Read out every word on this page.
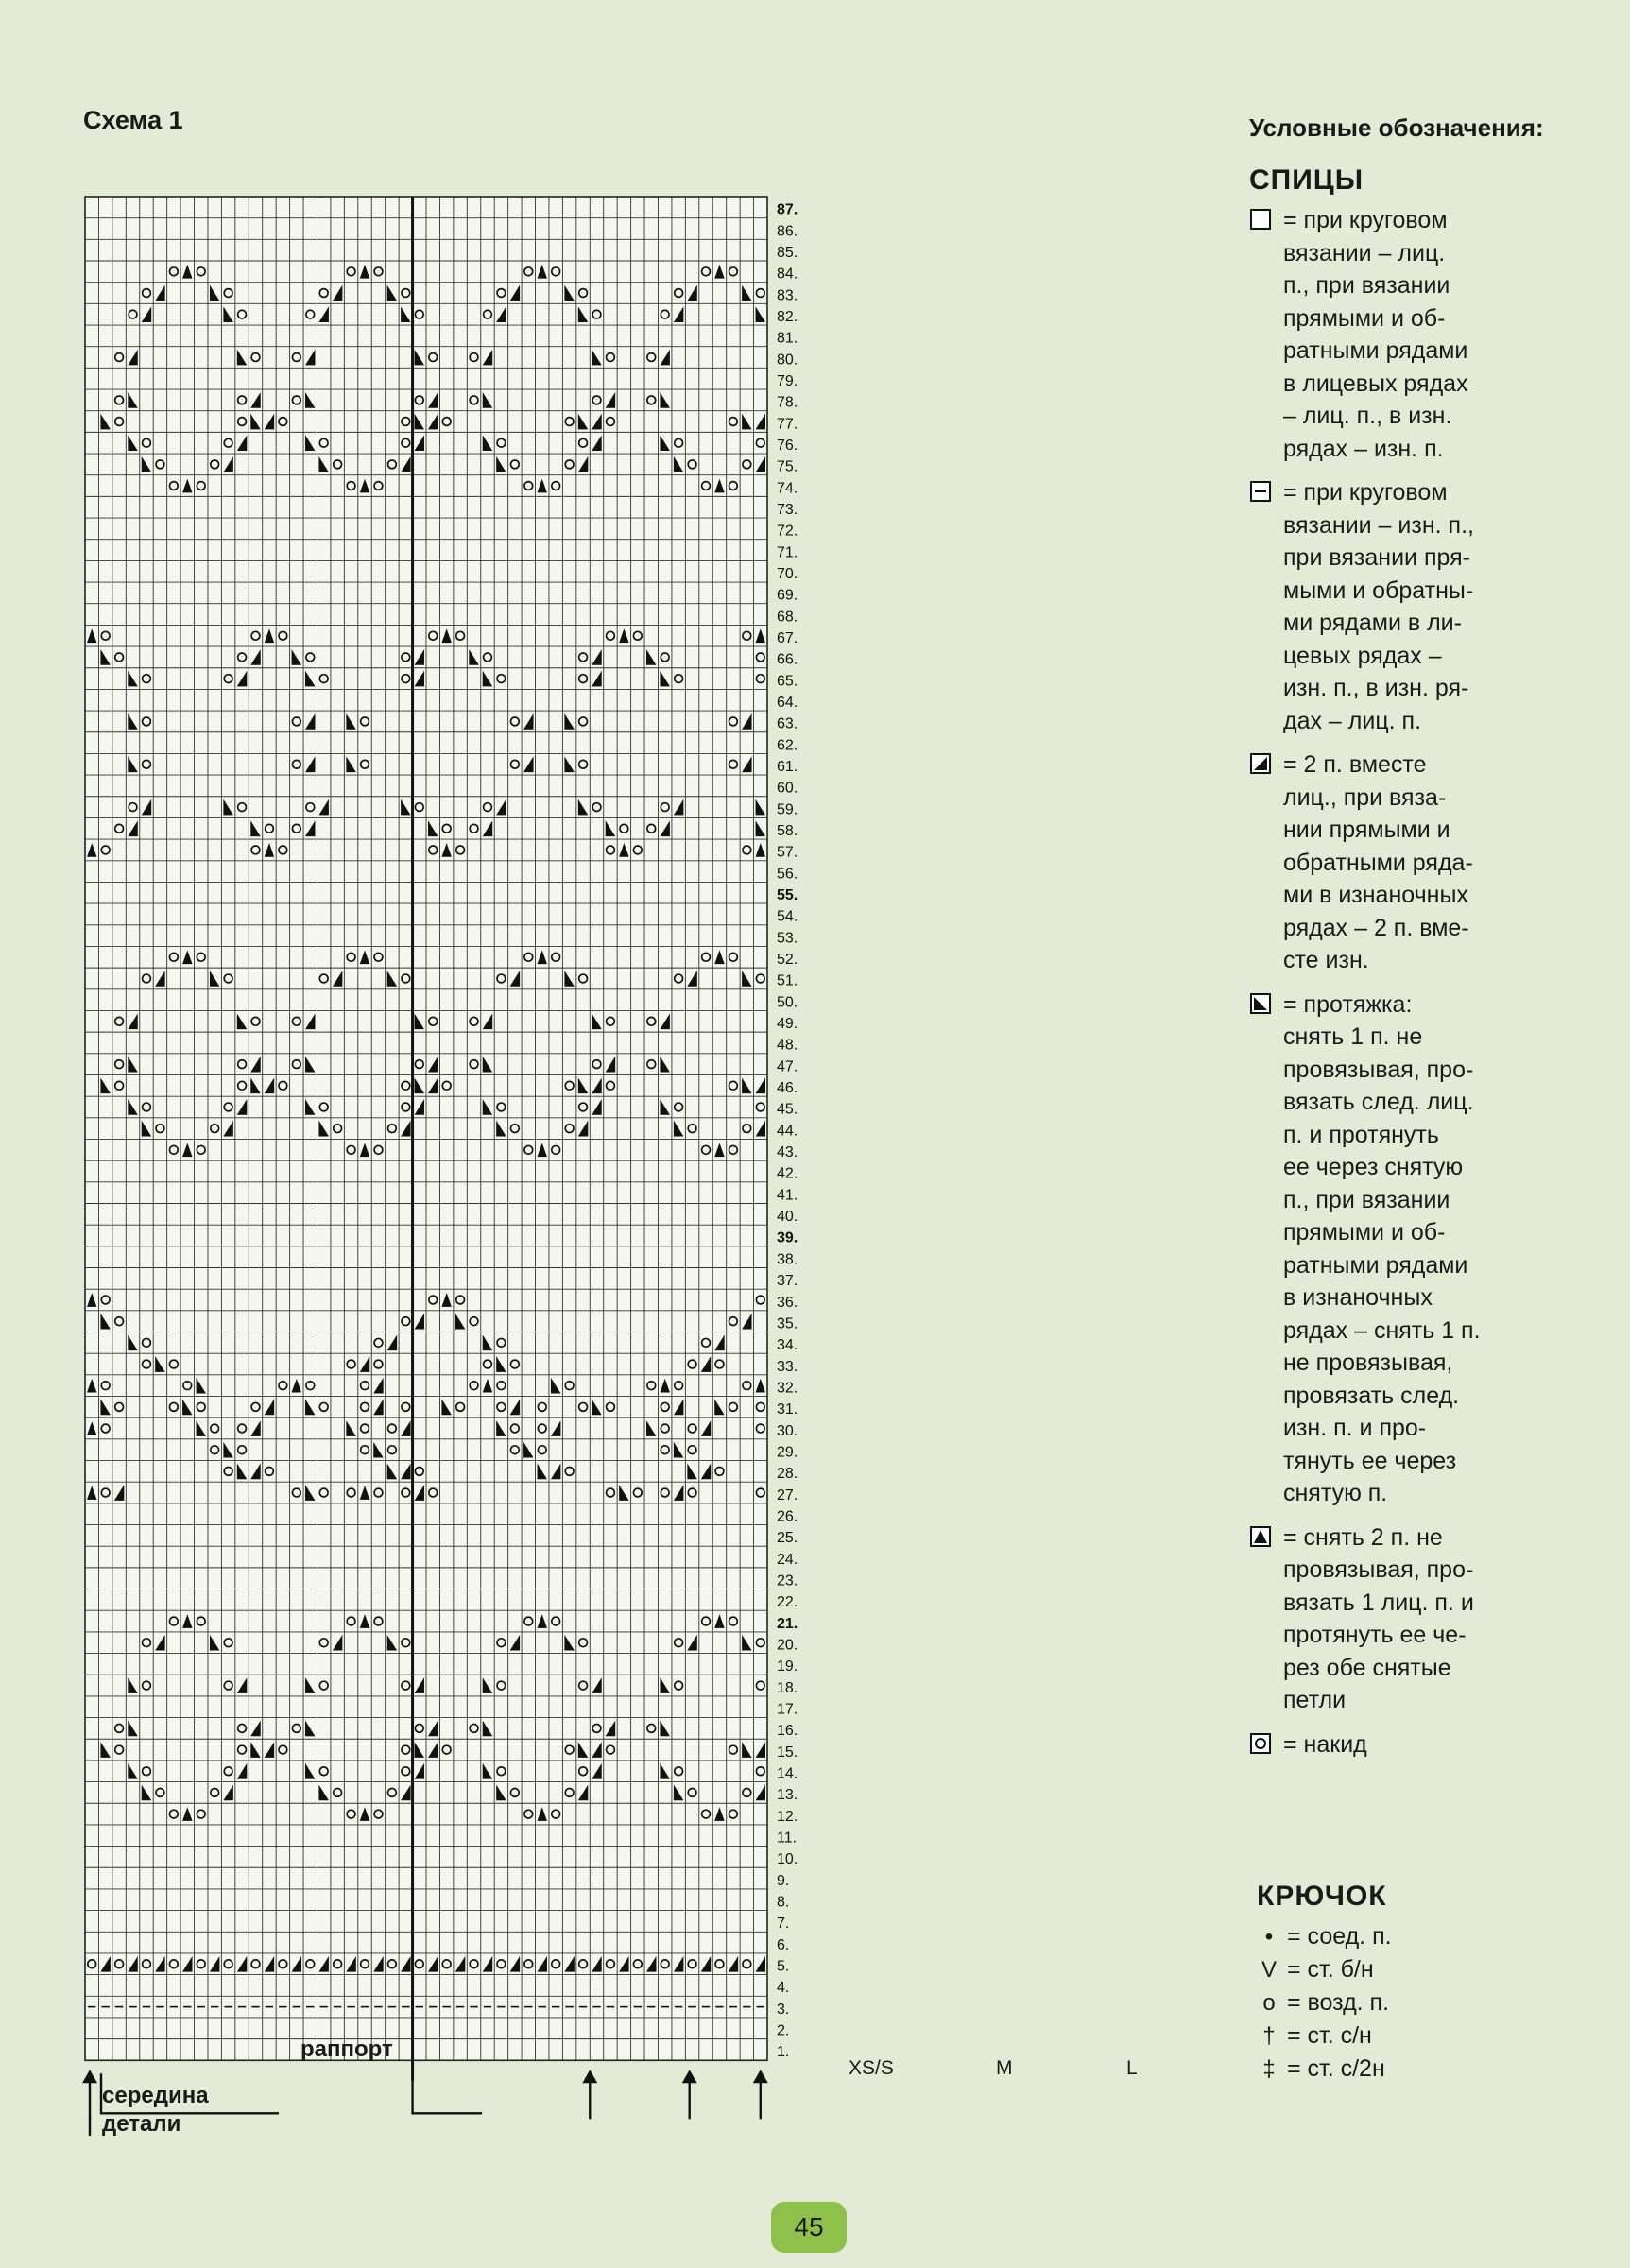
Схема 1
1.
2.
3.
4.
5.
6.
7.
8.
9.
10.
11.
12.
13.
14.
15.
16.
17.
18.
19.
20.
21.
22.
23.
24.
25.
26.
27.
28.
29.
30.
31.
32.
33.
34.
35.
36.
37.
38.
39.
40.
41.
42.
43.
44.
45.
46.
47.
48.
49.
50.
51.
52.
53.
54.
55.
56.
57.
58.
59.
60.
61.
62.
63.
64.
65.
66.
67.
68.
69.
70.
71.
72.
73.
74.
75.
76.
77.
78.
79.
80.
81.
82.
83.
84.
85.
86.
87.
Условные обозначения:
СПИЦЫ
= при круговом
вязании – лиц.
п., при вязании
прямыми и об-
ратными рядами
в лицевых рядах
– лиц. п., в изн.
рядах – изн. п.
= при круговом
вязании – изн. п.,
при вязании пря-
мыми и обратны-
ми рядами в ли-
цевых рядах –
изн. п., в изн. ря-
дах – лиц. п.
= 2 п. вместе
лиц., при вяза-
нии прямыми и
обратными ряда-
ми в изнаночных
рядах – 2 п. вме-
сте изн.
= протяжка:
снять 1 п. не
провязывая, про-
вязать след. лиц.
п. и протянуть
ее через снятую
п., при вязании
прямыми и об-
ратными рядами
в изнаночных
рядах – снять 1 п.
не провязывая,
провязать след.
изн. п. и про-
тянуть ее через
снятую п.
= снять 2 п. не
провязывая, про-
вязать 1 лиц. п. и
протянуть ее че-
рез обе снятые
петли
= накид
КРЮЧОК
• = соед. п.
V = ст. б/н
o = возд. п.
† = ст. с/н
‡ = ст. с/2н
раппорт
середина
детали
XS/S	M	L
45
